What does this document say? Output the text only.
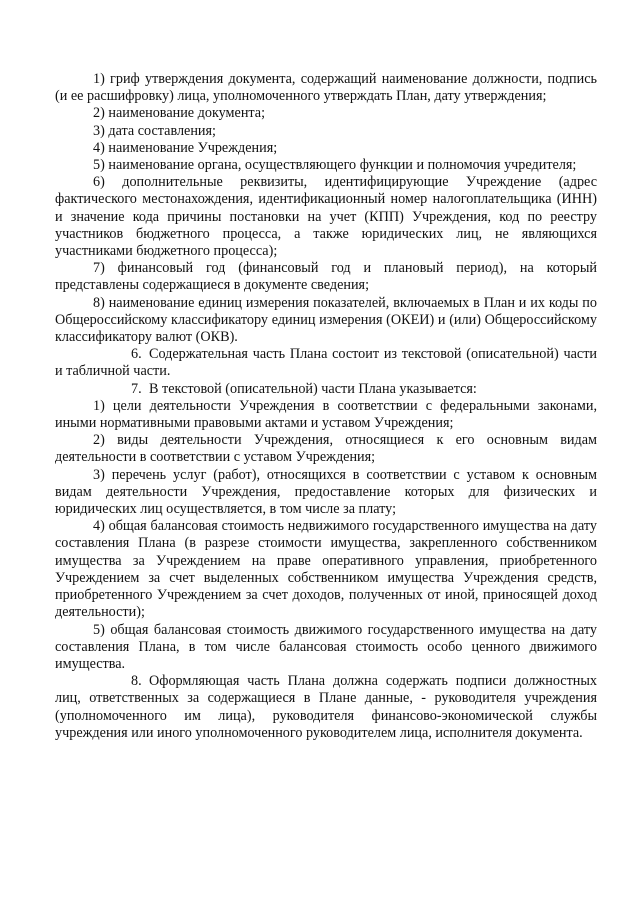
1) гриф утверждения документа, содержащий наименование должности, подпись (и ее расшифровку) лица, уполномоченного утверждать План, дату утверждения;

2) наименование документа;

3) дата составления;

4) наименование Учреждения;

5) наименование органа, осуществляющего функции и полномочия учредителя;

6) дополнительные реквизиты, идентифицирующие Учреждение (адрес фактического местонахождения, идентификационный номер налогоплательщика (ИНН) и значение кода причины постановки на учет (КПП) Учреждения, код по реестру участников бюджетного процесса, а также юридических лиц, не являющихся участниками бюджетного процесса);

7) финансовый год (финансовый год и плановый период), на который представлены содержащиеся в документе сведения;

8) наименование единиц измерения показателей, включаемых в План и их коды по Общероссийскому классификатору единиц измерения (ОКЕИ) и (или) Общероссийскому классификатору валют (ОКВ).

6. Содержательная часть Плана состоит из текстовой (описательной) части и табличной части.

7. В текстовой (описательной) части Плана указывается:

1) цели деятельности Учреждения в соответствии с федеральными законами, иными нормативными правовыми актами и уставом Учреждения;

2) виды деятельности Учреждения, относящиеся к его основным видам деятельности в соответствии с уставом Учреждения;

3) перечень услуг (работ), относящихся в соответствии с уставом к основным видам деятельности Учреждения, предоставление которых для физических и юридических лиц осуществляется, в том числе за плату;

4) общая балансовая стоимость недвижимого государственного имущества на дату составления Плана (в разрезе стоимости имущества, закрепленного собственником имущества за Учреждением на праве оперативного управления, приобретенного Учреждением за счет выделенных собственником имущества Учреждения средств, приобретенного Учреждением за счет доходов, полученных от иной, приносящей доход деятельности);

5) общая балансовая стоимость движимого государственного имущества на дату составления Плана, в том числе балансовая стоимость особо ценного движимого имущества.

8. Оформляющая часть Плана должна содержать подписи должностных лиц, ответственных за содержащиеся в Плане данные, - руководителя учреждения (уполномоченного им лица), руководителя финансово-экономической службы учреждения или иного уполномоченного руководителем лица, исполнителя документа.
